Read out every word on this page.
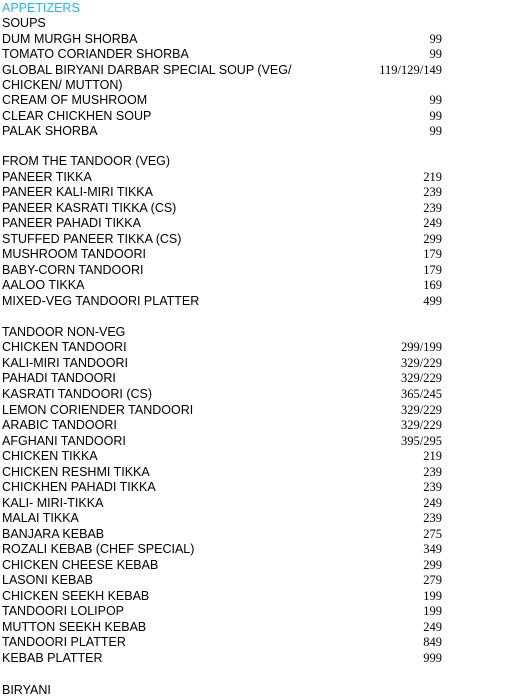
APPETIZERS
SOUPS
DUM MURGH SHORBA	99
TOMATO CORIANDER SHORBA	99
GLOBAL BIRYANI DARBAR SPECIAL SOUP (VEG/	119/129/149
CHICKEN/ MUTTON)
CREAM OF MUSHROOM	99
CLEAR CHICKHEN SOUP	99
PALAK SHORBA	99
FROM THE TANDOOR (VEG)
PANEER TIKKA	219
PANEER KALI-MIRI TIKKA	239
PANEER KASRATI TIKKA (CS)	239
PANEER PAHADI TIKKA	249
STUFFED PANEER TIKKA (CS)	299
MUSHROOM TANDOORI	179
BABY-CORN TANDOORI	179
AALOO TIKKA	169
MIXED-VEG TANDOORI PLATTER	499
TANDOOR NON-VEG
CHICKEN TANDOORI	299/199
KALI-MIRI TANDOORI	329/229
PAHADI TANDOORI	329/229
KASRATI TANDOORI (CS)	365/245
LEMON CORIENDER TANDOORI	329/229
ARABIC TANDOORI	329/229
AFGHANI TANDOORI	395/295
CHICKEN TIKKA	219
CHICKEN RESHMI TIKKA	239
CHICKHEN PAHADI TIKKA	239
KALI- MIRI-TIKKA	249
MALAI TIKKA	239
BANJARA KEBAB	275
ROZALI KEBAB (CHEF SPECIAL)	349
CHICKEN CHEESE KEBAB	299
LASONI KEBAB	279
CHICKEN SEEKH KEBAB	199
TANDOORI LOLIPOP	199
MUTTON SEEKH KEBAB	249
TANDOORI PLATTER	849
KEBAB PLATTER	999
BIRYANI
